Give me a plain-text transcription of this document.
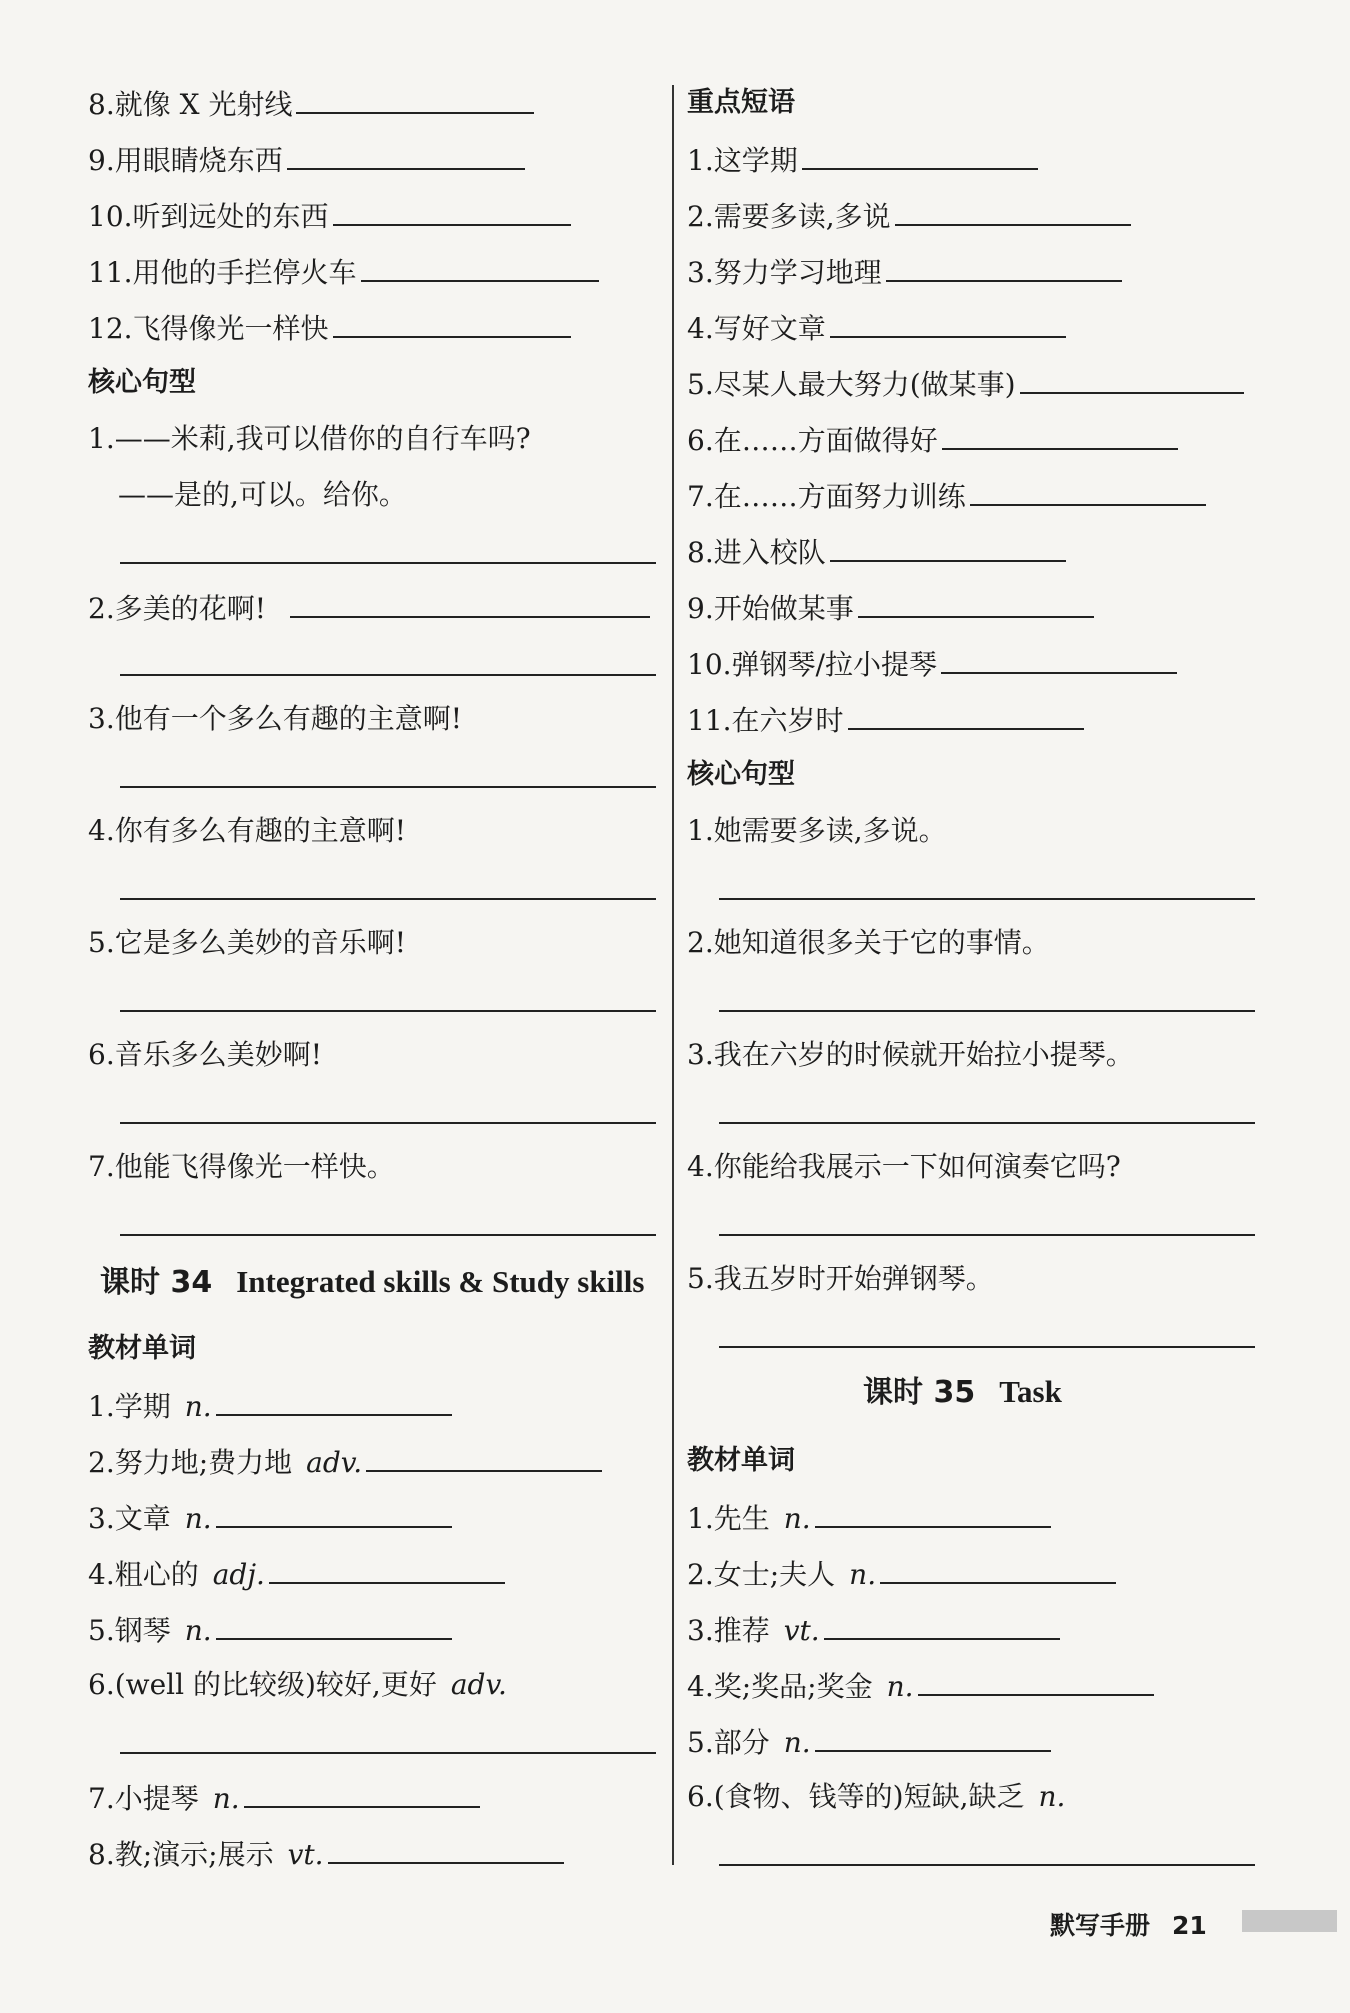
8.就像 X 光射线
9.用眼睛烧东西
10.听到远处的东西
11.用他的手拦停火车
12.飞得像光一样快
核心句型
1.——米莉,我可以借你的自行车吗?
——是的,可以。给你。
2.多美的花啊!
3.他有一个多么有趣的主意啊!
4.你有多么有趣的主意啊!
5.它是多么美妙的音乐啊!
6.音乐多么美妙啊!
7.他能飞得像光一样快。
课时 34 Integrated skills & Study skills
教材单词
1.学期 n.
2.努力地;费力地 adv.
3.文章 n.
4.粗心的 adj.
5.钢琴 n.
6.(well 的比较级)较好,更好 adv.
7.小提琴 n.
8.教;演示;展示 vt.
重点短语
1.这学期
2.需要多读,多说
3.努力学习地理
4.写好文章
5.尽某人最大努力(做某事)
6.在……方面做得好
7.在……方面努力训练
8.进入校队
9.开始做某事
10.弹钢琴/拉小提琴
11.在六岁时
核心句型
1.她需要多读,多说。
2.她知道很多关于它的事情。
3.我在六岁的时候就开始拉小提琴。
4.你能给我展示一下如何演奏它吗?
5.我五岁时开始弹钢琴。
课时 35 Task
教材单词
1.先生 n.
2.女士;夫人 n.
3.推荐 vt.
4.奖;奖品;奖金 n.
5.部分 n.
6.(食物、钱等的)短缺,缺乏 n.
默写手册 21
